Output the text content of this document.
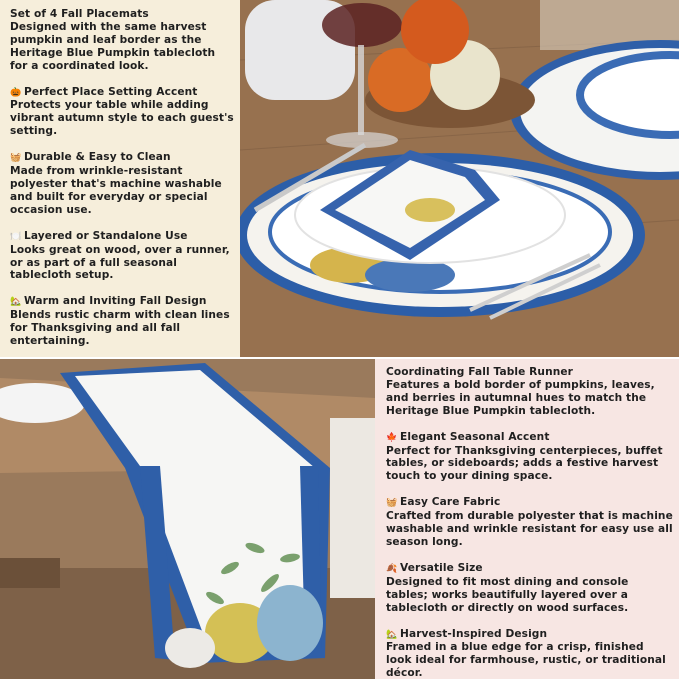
Set of 4 Fall Placemats
Designed with the same harvest pumpkin and leaf border as the Heritage Blue Pumpkin tablecloth for a coordinated look.
🎃 Perfect Place Setting Accent
Protects your table while adding vibrant autumn style to each guest's setting.
🧺 Durable & Easy to Clean
Made from wrinkle-resistant polyester that's machine washable and built for everyday or special occasion use.
🍽️ Layered or Standalone Use
Looks great on wood, over a runner, or as part of a full seasonal tablecloth setup.
🏡 Warm and Inviting Fall Design
Blends rustic charm with clean lines for Thanksgiving and all fall entertaining.
Coordinating Fall Table Runner
Features a bold border of pumpkins, leaves, and berries in autumnal hues to match the Heritage Blue Pumpkin tablecloth.
🍁 Elegant Seasonal Accent
Perfect for Thanksgiving centerpieces, buffet tables, or sideboards; adds a festive harvest touch to your dining space.
🧺 Easy Care Fabric
Crafted from durable polyester that is machine washable and wrinkle resistant for easy use all season long.
🍂 Versatile Size
Designed to fit most dining and console tables; works beautifully layered over a tablecloth or directly on wood surfaces.
🏡 Harvest-Inspired Design
Framed in a blue edge for a crisp, finished look ideal for farmhouse, rustic, or traditional décor.
